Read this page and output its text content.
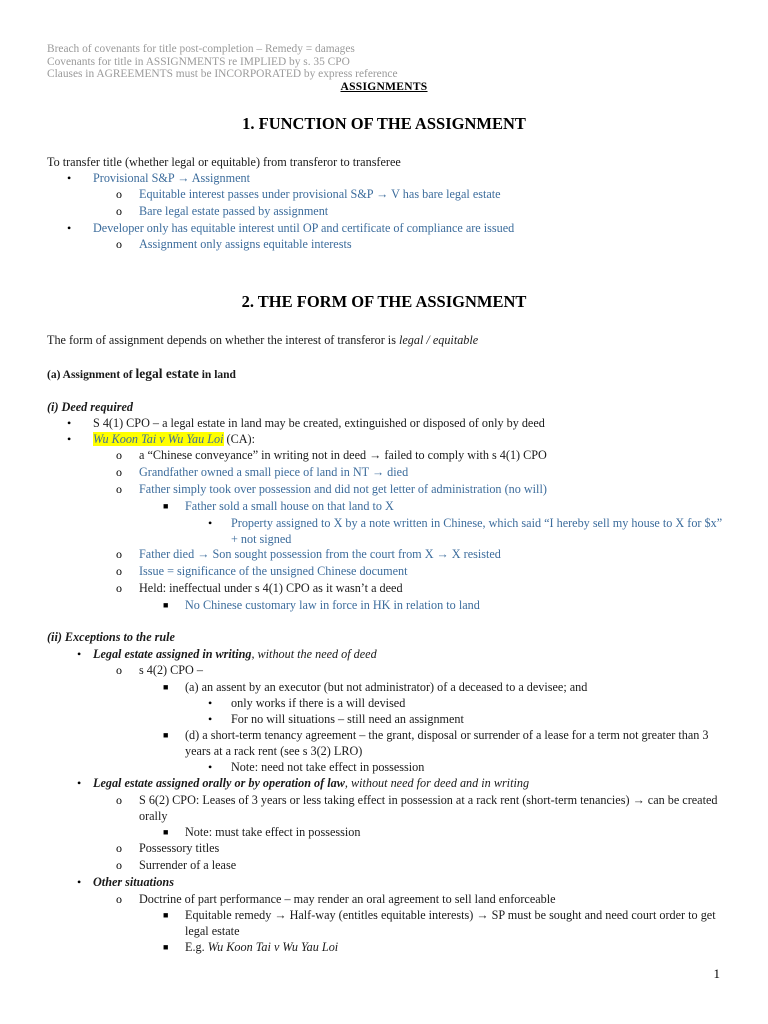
Breach of covenants for title post-completion – Remedy = damages
Covenants for title in ASSIGNMENTS re IMPLIED by s. 35 CPO
Clauses in AGREEMENTS must be INCORPORATED by express reference
ASSIGNMENTS
1. FUNCTION OF THE ASSIGNMENT
To transfer title (whether legal or equitable) from transferor to transferee
• Provisional S&P → Assignment
o Equitable interest passes under provisional S&P → V has bare legal estate
o Bare legal estate passed by assignment
• Developer only has equitable interest until OP and certificate of compliance are issued
o Assignment only assigns equitable interests
2. THE FORM OF THE ASSIGNMENT
The form of assignment depends on whether the interest of transferor is legal / equitable
(a) Assignment of legal estate in land
(i) Deed required
• S 4(1) CPO – a legal estate in land may be created, extinguished or disposed of only by deed
• Wu Koon Tai v Wu Yau Loi (CA):
o a “Chinese conveyance” in writing not in deed → failed to comply with s 4(1) CPO
o Grandfather owned a small piece of land in NT → died
o Father simply took over possession and did not get letter of administration (no will)
■ Father sold a small house on that land to X
• Property assigned to X by a note written in Chinese, which said “I hereby sell my house to X for $x” + not signed
o Father died → Son sought possession from the court from X → X resisted
o Issue = significance of the unsigned Chinese document
o Held: ineffectual under s 4(1) CPO as it wasn’t a deed
■ No Chinese customary law in force in HK in relation to land
(ii) Exceptions to the rule
• Legal estate assigned in writing, without the need of deed
o s 4(2) CPO –
■ (a) an assent by an executor (but not administrator) of a deceased to a devisee; and
• only works if there is a will devised
• For no will situations – still need an assignment
■ (d) a short-term tenancy agreement – the grant, disposal or surrender of a lease for a term not greater than 3 years at a rack rent (see s 3(2) LRO)
• Note: need not take effect in possession
• Legal estate assigned orally or by operation of law, without need for deed and in writing
o S 6(2) CPO: Leases of 3 years or less taking effect in possession at a rack rent (short-term tenancies) → can be created orally
■ Note: must take effect in possession
o Possessory titles
o Surrender of a lease
• Other situations
o Doctrine of part performance – may render an oral agreement to sell land enforceable
■ Equitable remedy → Half-way (entitles equitable interests) → SP must be sought and need court order to get legal estate
■ E.g. Wu Koon Tai v Wu Yau Loi
1
